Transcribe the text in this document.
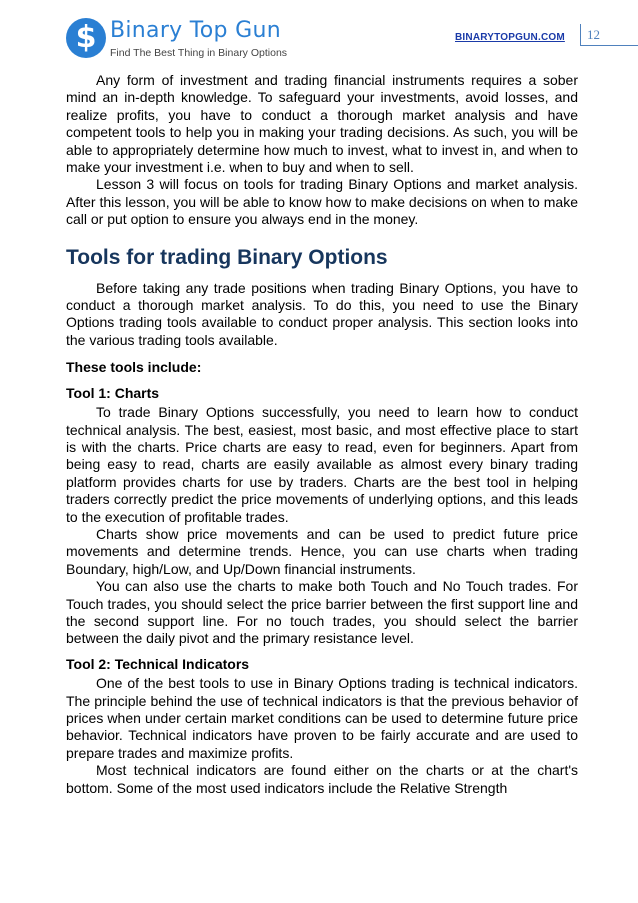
$ Binary Top Gun
Find The Best Thing in Binary Options
BINARYTOPGUN.COM	12

Any form of investment and trading financial instruments requires a sober mind an in-depth knowledge. To safeguard your investments, avoid losses, and realize profits, you have to conduct a thorough market analysis and have competent tools to help you in making your trading decisions. As such, you will be able to appropriately determine how much to invest, what to invest in, and when to make your investment i.e. when to buy and when to sell.

Lesson 3 will focus on tools for trading Binary Options and market analysis. After this lesson, you will be able to know how to make decisions on when to make call or put option to ensure you always end in the money.

Tools for trading Binary Options

Before taking any trade positions when trading Binary Options, you have to conduct a thorough market analysis. To do this, you need to use the Binary Options trading tools available to conduct proper analysis. This section looks into the various trading tools available.

These tools include:
Tool 1: Charts

To trade Binary Options successfully, you need to learn how to conduct technical analysis. The best, easiest, most basic, and most effective place to start is with the charts. Price charts are easy to read, even for beginners. Apart from being easy to read, charts are easily available as almost every binary trading platform provides charts for use by traders. Charts are the best tool in helping traders correctly predict the price movements of underlying options, and this leads to the execution of profitable trades.

Charts show price movements and can be used to predict future price movements and determine trends. Hence, you can use charts when trading Boundary, high/Low, and Up/Down financial instruments.

You can also use the charts to make both Touch and No Touch trades. For Touch trades, you should select the price barrier between the first support line and the second support line. For no touch trades, you should select the barrier between the daily pivot and the primary resistance level.

Tool 2: Technical Indicators

One of the best tools to use in Binary Options trading is technical indicators. The principle behind the use of technical indicators is that the previous behavior of prices when under certain market conditions can be used to determine future price behavior. Technical indicators have proven to be fairly accurate and are used to prepare trades and maximize profits.

Most technical indicators are found either on the charts or at the chart's bottom. Some of the most used indicators include the Relative Strength
